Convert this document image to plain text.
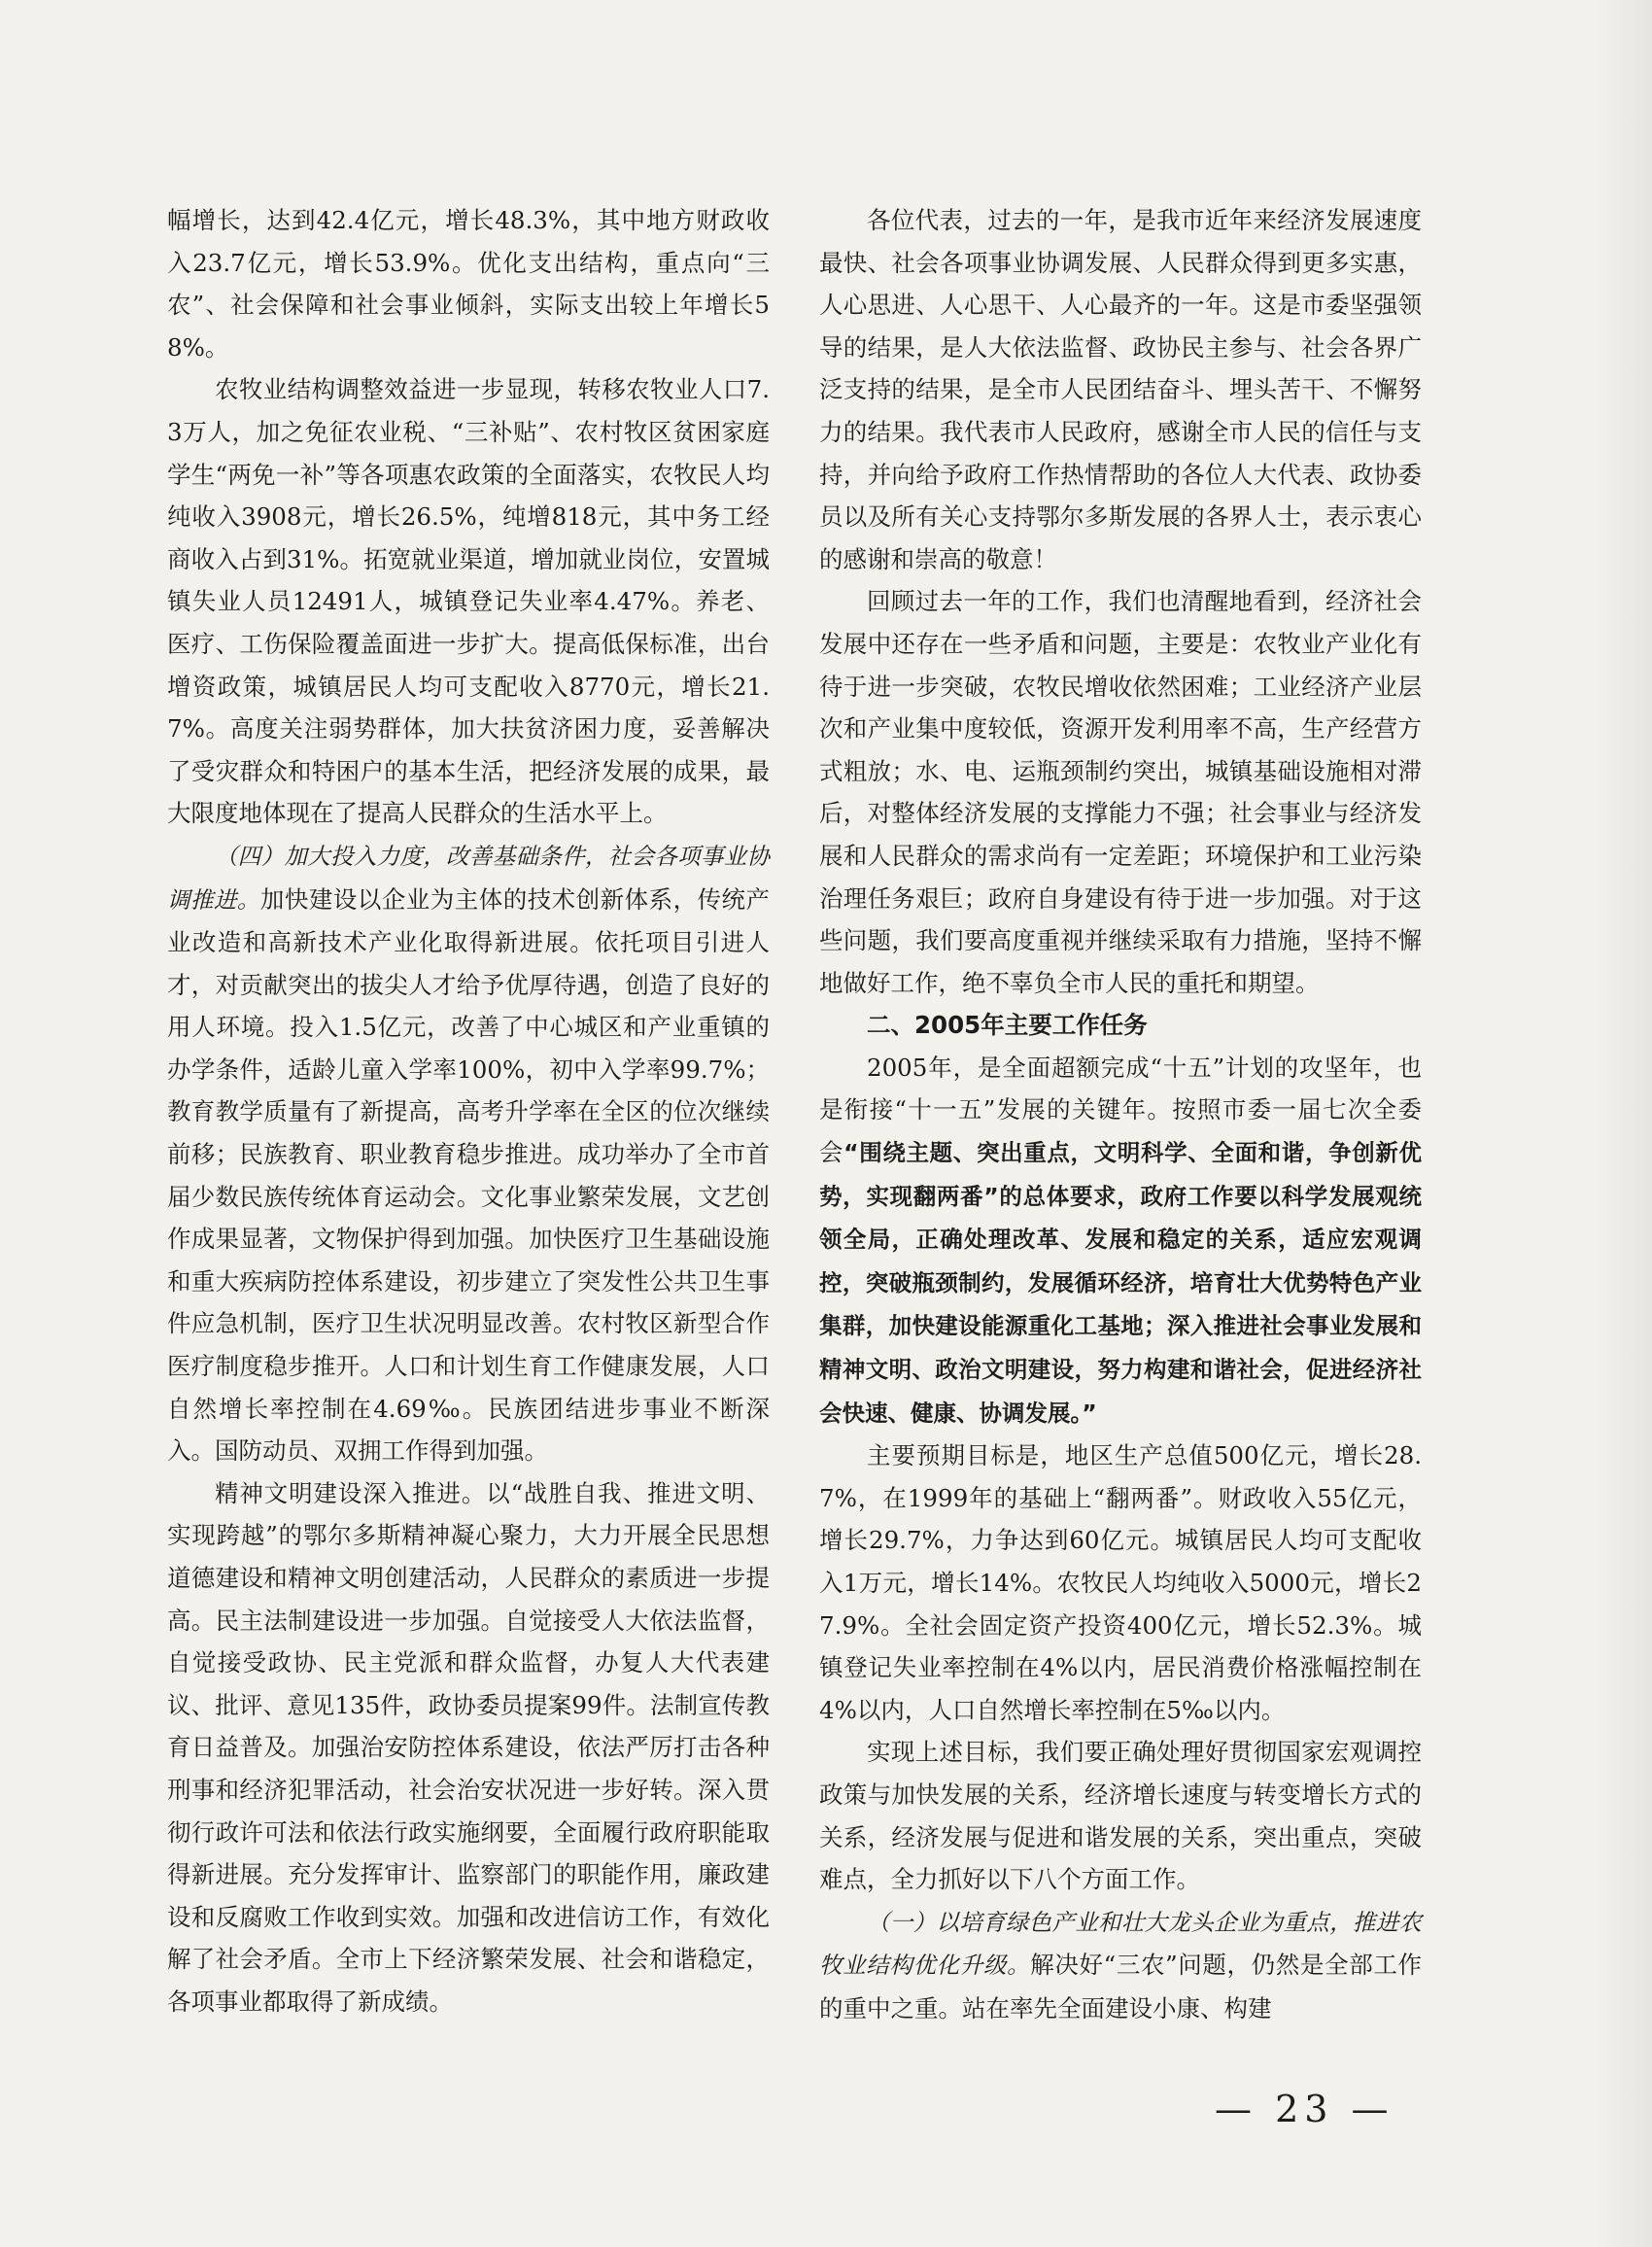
幅增长，达到42.4亿元，增长48.3%，其中地方财政收入23.7亿元，增长53.9%。优化支出结构，重点向“三农”、社会保障和社会事业倾斜，实际支出较上年增长58%。

农牧业结构调整效益进一步显现，转移农牧业人口7.3万人，加之免征农业税、“三补贴”、农村牧区贫困家庭学生“两免一补”等各项惠农政策的全面落实，农牧民人均纯收入3908元，增长26.5%，纯增818元，其中务工经商收入占到31%。拓宽就业渠道，增加就业岗位，安置城镇失业人员12491人，城镇登记失业率4.47%。养老、医疗、工伤保险覆盖面进一步扩大。提高低保标准，出台增资政策，城镇居民人均可支配收入8770元，增长21.7%。高度关注弱势群体，加大扶贫济困力度，妥善解决了受灾群众和特困户的基本生活，把经济发展的成果，最大限度地体现在了提高人民群众的生活水平上。

（四）加大投入力度，改善基础条件，社会各项事业协调推进。加快建设以企业为主体的技术创新体系，传统产业改造和高新技术产业化取得新进展。依托项目引进人才，对贡献突出的拔尖人才给予优厚待遇，创造了良好的用人环境。投入1.5亿元，改善了中心城区和产业重镇的办学条件，适龄儿童入学率100%，初中入学率99.7%；教育教学质量有了新提高，高考升学率在全区的位次继续前移；民族教育、职业教育稳步推进。成功举办了全市首届少数民族传统体育运动会。文化事业繁荣发展，文艺创作成果显著，文物保护得到加强。加快医疗卫生基础设施和重大疾病防控体系建设，初步建立了突发性公共卫生事件应急机制，医疗卫生状况明显改善。农村牧区新型合作医疗制度稳步推开。人口和计划生育工作健康发展，人口自然增长率控制在4.69‰。民族团结进步事业不断深入。国防动员、双拥工作得到加强。

精神文明建设深入推进。以“战胜自我、推进文明、实现跨越”的鄂尔多斯精神凝心聚力，大力开展全民思想道德建设和精神文明创建活动，人民群众的素质进一步提高。民主法制建设进一步加强。自觉接受人大依法监督，自觉接受政协、民主党派和群众监督，办复人大代表建议、批评、意见135件，政协委员提案99件。法制宣传教育日益普及。加强治安防控体系建设，依法严厉打击各种刑事和经济犯罪活动，社会治安状况进一步好转。深入贯彻行政许可法和依法行政实施纲要，全面履行政府职能取得新进展。充分发挥审计、监察部门的职能作用，廉政建设和反腐败工作收到实效。加强和改进信访工作，有效化解了社会矛盾。全市上下经济繁荣发展、社会和谐稳定，各项事业都取得了新成绩。

各位代表，过去的一年，是我市近年来经济发展速度最快、社会各项事业协调发展、人民群众得到更多实惠，人心思进、人心思干、人心最齐的一年。这是市委坚强领导的结果，是人大依法监督、政协民主参与、社会各界广泛支持的结果，是全市人民团结奋斗、埋头苦干、不懈努力的结果。我代表市人民政府，感谢全市人民的信任与支持，并向给予政府工作热情帮助的各位人大代表、政协委员以及所有关心支持鄂尔多斯发展的各界人士，表示衷心的感谢和崇高的敬意！

回顾过去一年的工作，我们也清醒地看到，经济社会发展中还存在一些矛盾和问题，主要是：农牧业产业化有待于进一步突破，农牧民增收依然困难；工业经济产业层次和产业集中度较低，资源开发利用率不高，生产经营方式粗放；水、电、运瓶颈制约突出，城镇基础设施相对滞后，对整体经济发展的支撑能力不强；社会事业与经济发展和人民群众的需求尚有一定差距；环境保护和工业污染治理任务艰巨；政府自身建设有待于进一步加强。对于这些问题，我们要高度重视并继续采取有力措施，坚持不懈地做好工作，绝不辜负全市人民的重托和期望。

二、2005年主要工作任务

2005年，是全面超额完成“十五”计划的攻坚年，也是衔接“十一五”发展的关键年。按照市委一届七次全委会“围绕主题、突出重点，文明科学、全面和谐，争创新优势，实现翻两番”的总体要求，政府工作要以科学发展观统领全局，正确处理改革、发展和稳定的关系，适应宏观调控，突破瓶颈制约，发展循环经济，培育壮大优势特色产业集群，加快建设能源重化工基地；深入推进社会事业发展和精神文明、政治文明建设，努力构建和谐社会，促进经济社会快速、健康、协调发展。”

主要预期目标是，地区生产总值500亿元，增长28.7%，在1999年的基础上“翻两番”。财政收入55亿元，增长29.7%，力争达到60亿元。城镇居民人均可支配收入1万元，增长14%。农牧民人均纯收入5000元，增长27.9%。全社会固定资产投资400亿元，增长52.3%。城镇登记失业率控制在4%以内，居民消费价格涨幅控制在4%以内，人口自然增长率控制在5‰以内。

实现上述目标，我们要正确处理好贯彻国家宏观调控政策与加快发展的关系，经济增长速度与转变增长方式的关系，经济发展与促进和谐发展的关系，突出重点，突破难点，全力抓好以下八个方面工作。

（一）以培育绿色产业和壮大龙头企业为重点，推进农牧业结构优化升级。解决好“三农”问题，仍然是全部工作的重中之重。站在率先全面建设小康、构建

— 23 —
